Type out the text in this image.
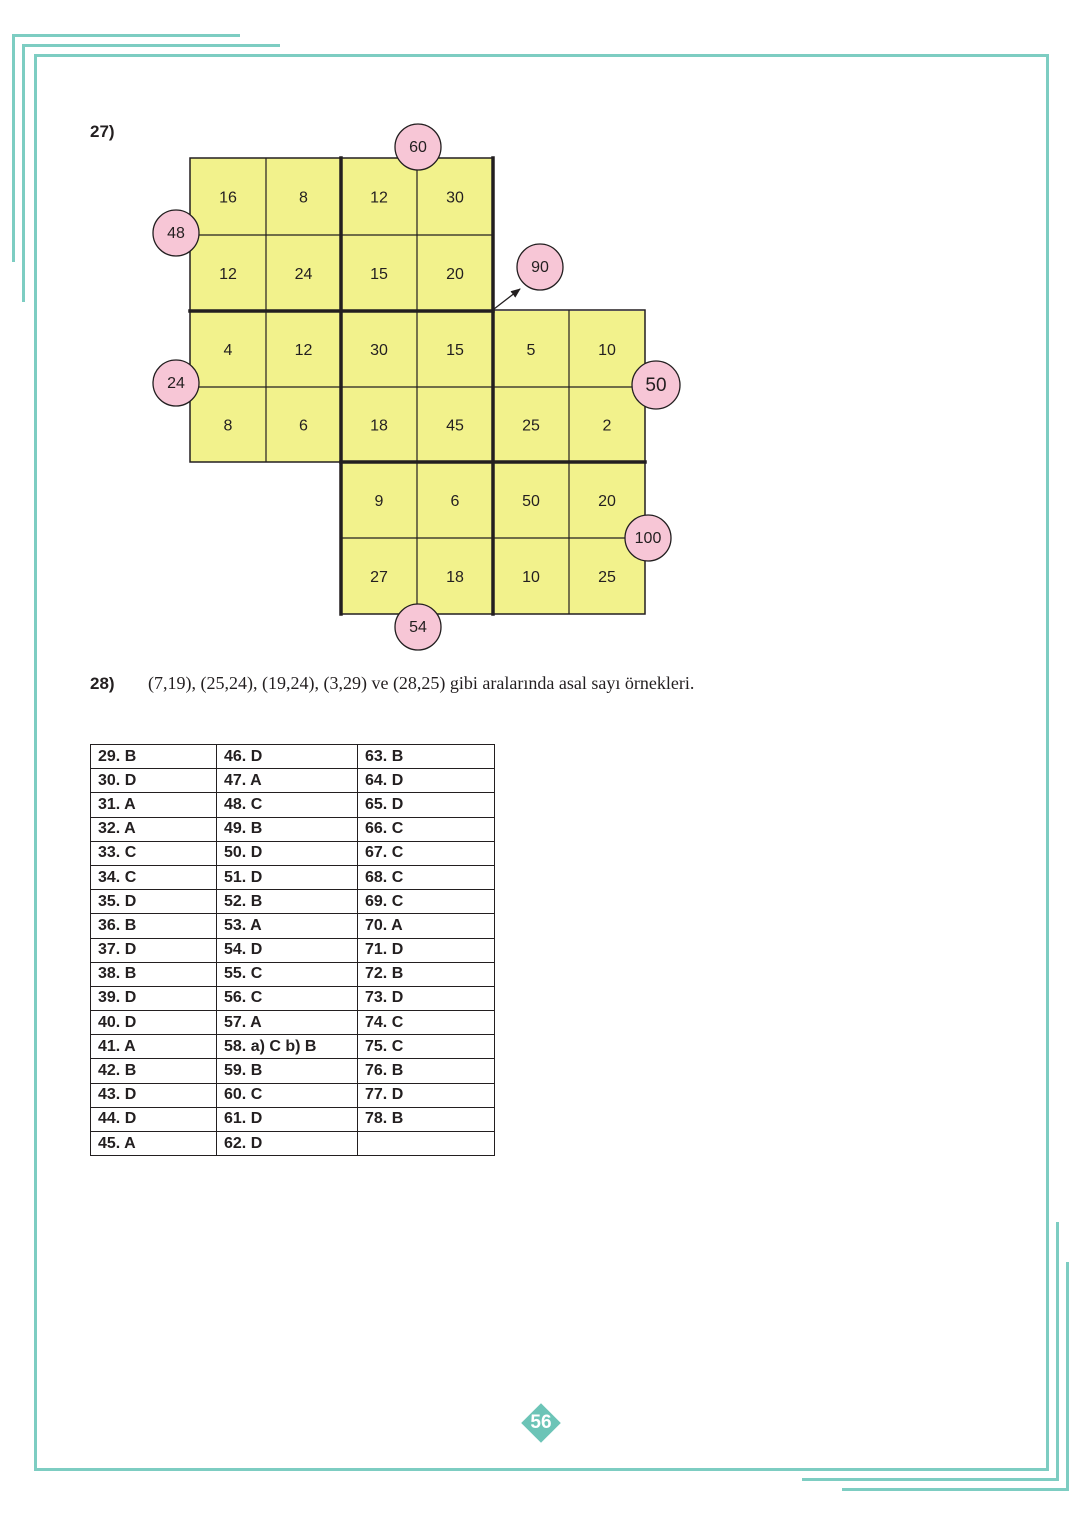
27)
16	8	12	30
12	24	15	20
4	12	30	15	5	10
8	6	18	45	25	2
9	6	50	20
27	18	10	25
60
48
90
24	50
100
54
28) (7,19), (25,24), (19,24), (3,29) ve (28,25) gibi aralarında asal sayı örnekleri.
29. B	46. D	63. B
30. D	47. A	64. D
31. A	48. C	65. D
32. A	49. B	66. C
33. C	50. D	67. C
34. C	51. D	68. C
35. D	52. B	69. C
36. B	53. A	70. A
37. D	54. D	71. D
38. B	55. C	72. B
39. D	56. C	73. D
40. D	57. A	74. C
41. A	58. a) C b) B	75. C
42. B	59. B	76. B
43. D	60. C	77. D
44. D	61. D	78. B
45. A	62. D	
56
